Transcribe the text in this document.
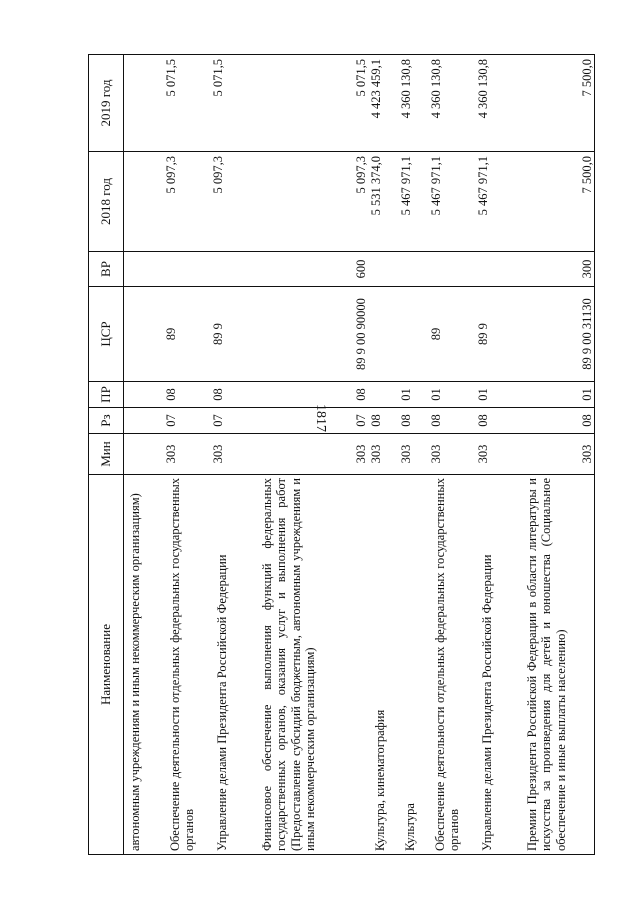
1817
Наименование	Мин	Рз	ПР	ЦСР	ВР	2018 год	2019 год
автономным учреждениям и иным некоммерческим организациям)							
Обеспечение деятельности отдельных федеральных государственных органов	303	07	08	89		5 097,3	5 071,5
Управление делами Президента Российской Федерации	303	07	08	89 9		5 097,3	5 071,5
Финансовое обеспечение выполнения функций федеральных государственных органов, оказания услуг и выполнения работ (Предоставление субсидий бюджетным, автономным учреждениям и иным некоммерческим организациям)	303	07	08	89 9 00 90000	600	5 097,3	5 071,5
Культура, кинематография	303	08				5 531 374,0	4 423 459,1
Культура	303	08	01			5 467 971,1	4 360 130,8
Обеспечение деятельности отдельных федеральных государственных органов	303	08	01	89		5 467 971,1	4 360 130,8
Управление делами Президента Российской Федерации	303	08	01	89 9		5 467 971,1	4 360 130,8
Премии Президента Российской Федерации в области литературы и искусства за произведения для детей и юношества (Социальное обеспечение и иные выплаты населению)	303	08	01	89 9 00 31130	300	7 500,0	7 500,0
